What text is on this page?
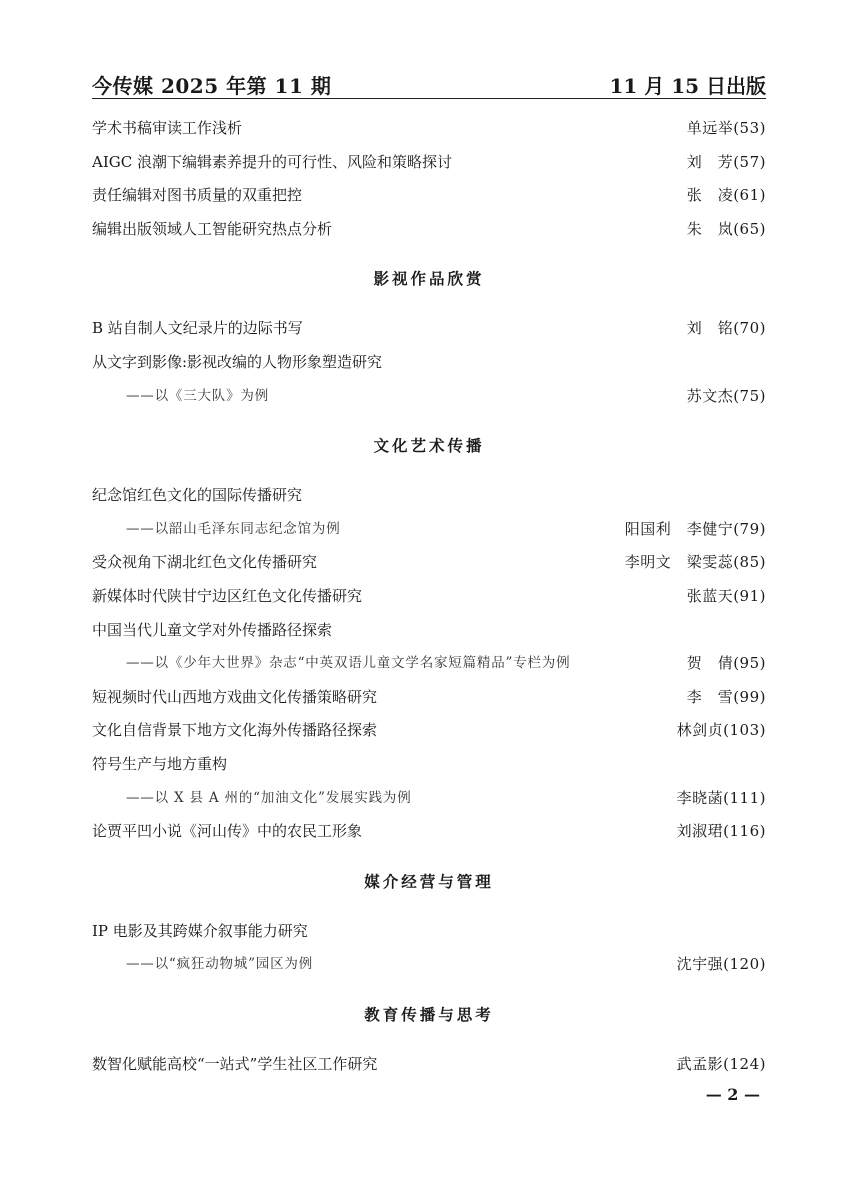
今传媒 2025 年第 11 期	11 月 15 日出版
学术书稿审读工作浅析	单远举(53)
AIGC 浪潮下编辑素养提升的可行性、风险和策略探讨	刘　芳(57)
责任编辑对图书质量的双重把控	张　凌(61)
编辑出版领域人工智能研究热点分析	朱　岚(65)
影视作品欣赏
B 站自制人文纪录片的边际书写	刘　铭(70)
从文字到影像:影视改编的人物形象塑造研究
——以《三大队》为例	苏文杰(75)
文化艺术传播
纪念馆红色文化的国际传播研究
——以韶山毛泽东同志纪念馆为例	阳国利　李健宁(79)
受众视角下湖北红色文化传播研究	李明文　梁雯蕊(85)
新媒体时代陕甘宁边区红色文化传播研究	张蓝天(91)
中国当代儿童文学对外传播路径探索
——以《少年大世界》杂志“中英双语儿童文学名家短篇精品”专栏为例	贺　倩(95)
短视频时代山西地方戏曲文化传播策略研究	李　雪(99)
文化自信背景下地方文化海外传播路径探索	林剑贞(103)
符号生产与地方重构
——以 X 县 A 州的“加油文化”发展实践为例	李晓菡(111)
论贾平凹小说《河山传》中的农民工形象	刘淑珺(116)
媒介经营与管理
IP 电影及其跨媒介叙事能力研究
——以“疯狂动物城”园区为例	沈宇强(120)
教育传播与思考
数智化赋能高校“一站式”学生社区工作研究	武孟影(124)
— 2 —
